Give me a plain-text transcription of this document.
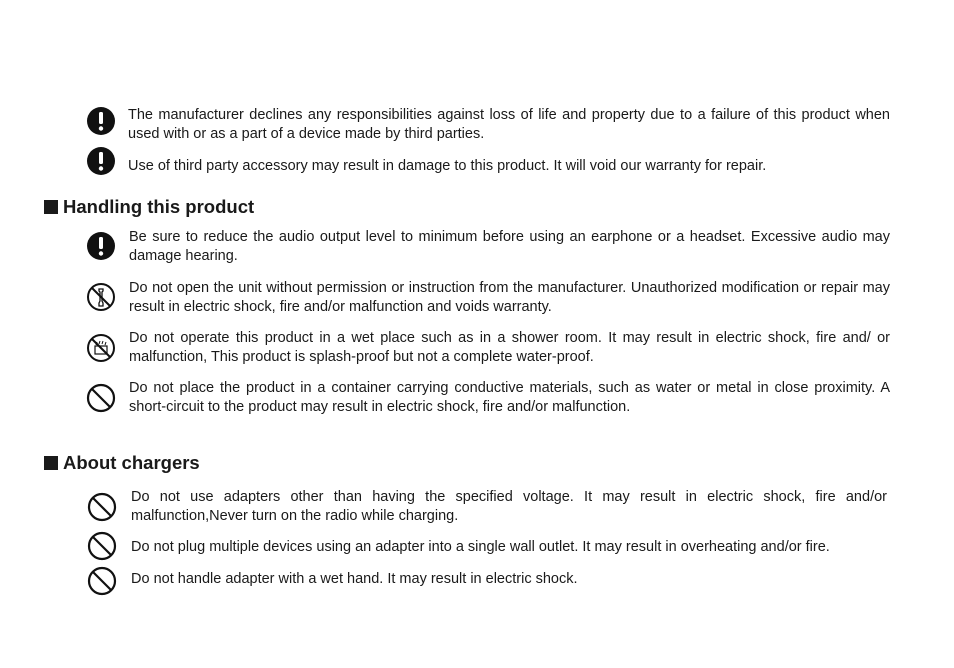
The manufacturer declines any responsibilities against loss of life and property due to a failure of this product when used with or as a part of a device made by third parties.

Use of third party accessory may result in damage to this product. It will void our warranty for repair.

Handling this product

Be sure to reduce the audio output level to minimum before using an earphone or a headset. Excessive audio may damage hearing.

Do not open the unit without permission or instruction from the manufacturer. Unauthorized modification or repair may result in electric shock, fire and/or malfunction and voids warranty.

Do not operate this product in a wet place such as in a shower room. It may result in electric shock, fire and/ or malfunction, This product is splash-proof but not a complete water-proof.

Do not place the product in a container carrying conductive materials, such as water or metal in close proximity. A short-circuit to the product may result in electric shock, fire and/or malfunction.

About chargers

Do not use adapters other than having the specified voltage. It may result in electric shock, fire and/or malfunction,Never turn on the radio while charging.

Do not plug multiple devices using an adapter into a single wall outlet. It may result in overheating and/or fire.

Do not handle adapter with a wet hand. It may result in electric shock.
